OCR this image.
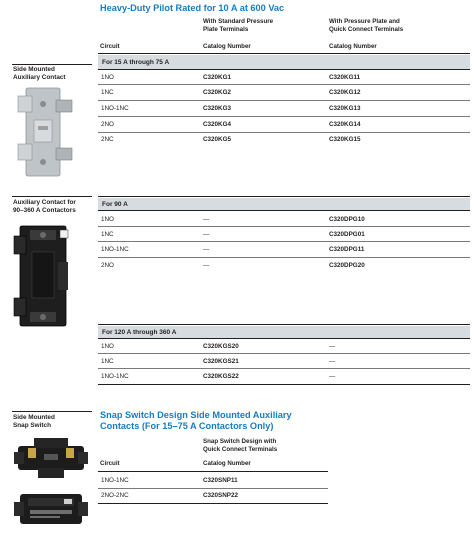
Heavy-Duty Pilot Rated for 10 A at 600 Vac
With Standard Pressure
Plate Terminals
With Pressure Plate and
Quick Connect Terminals
Circuit	Catalog Number	Catalog Number
Side Mounted
Auxiliary Contact
For 15 A through 75 A
1NO	C320KG1	C320KG11
1NC	C320KG2	C320KG12
1NO-1NC	C320KG3	C320KG13
2NO	C320KG4	C320KG14
2NC	C320KG5	C320KG15
Auxiliary Contact for
90–360 A Contactors
For 90 A
1NO	—	C320DPG10
1NC	—	C320DPG01
1NO-1NC	—	C320DPG11
2NO	—	C320DPG20
For 120 A through 360 A
1NO	C320KGS20	—
1NC	C320KGS21	—
1NO-1NC	C320KGS22	—
Side Mounted
Snap Switch
Snap Switch Design Side Mounted Auxiliary
Contacts (For 15–75 A Contactors Only)
Snap Switch Design with
Quick Connect Terminals
Circuit	Catalog Number
1NO-1NC	C320SNP11
2NO-2NC	C320SNP22
